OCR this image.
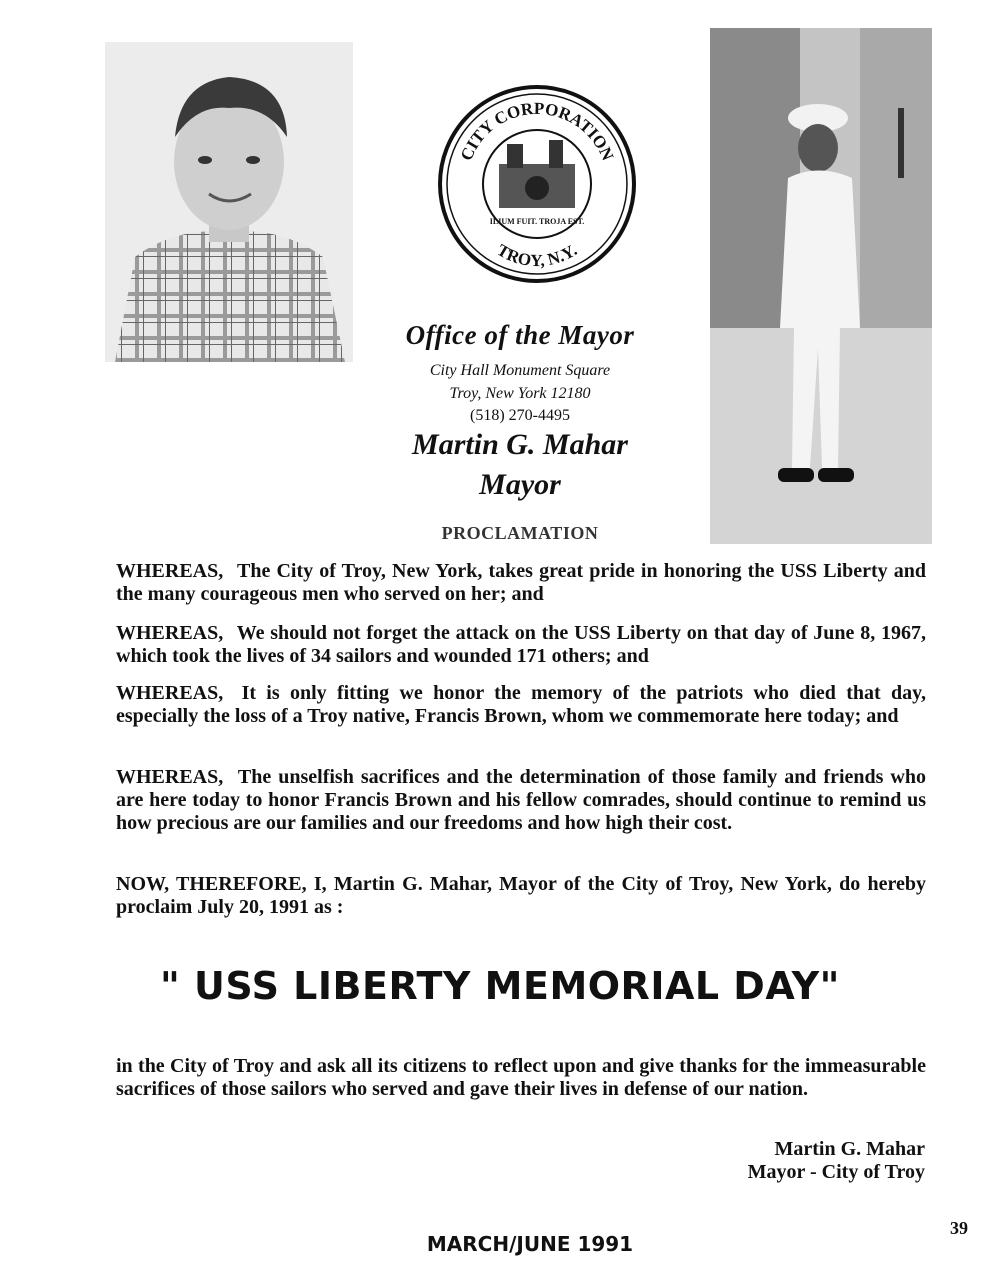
CITY CORPORATION
TROY, N.Y.
ILIUM FUIT. TROJA EST.
Office of the Mayor
City Hall Monument Square
Troy, New York 12180
(518) 270-4495
Martin G. Mahar
Mayor
PROCLAMATION
WHEREAS, The City of Troy, New York, takes great pride in honoring the USS Liberty and the many courageous men who served on her; and
WHEREAS, We should not forget the attack on the USS Liberty on that day of June 8, 1967, which took the lives of 34 sailors and wounded 171 others; and
WHEREAS, It is only fitting we honor the memory of the patriots who died that day, especially the loss of a Troy native, Francis Brown, whom we commemorate here today; and
WHEREAS, The unselfish sacrifices and the determination of those family and friends who are here today to honor Francis Brown and his fellow comrades, should continue to remind us how precious are our families and our freedoms and how high their cost.
NOW, THEREFORE, I, Martin G. Mahar, Mayor of the City of Troy, New York, do hereby proclaim July 20, 1991 as :
" USS LIBERTY MEMORIAL DAY"
in the City of Troy and ask all its citizens to reflect upon and give thanks for the immeasurable sacrifices of those sailors who served and gave their lives in defense of our nation.
Martin G. Mahar
Mayor - City of Troy
MARCH/JUNE 1991
39
